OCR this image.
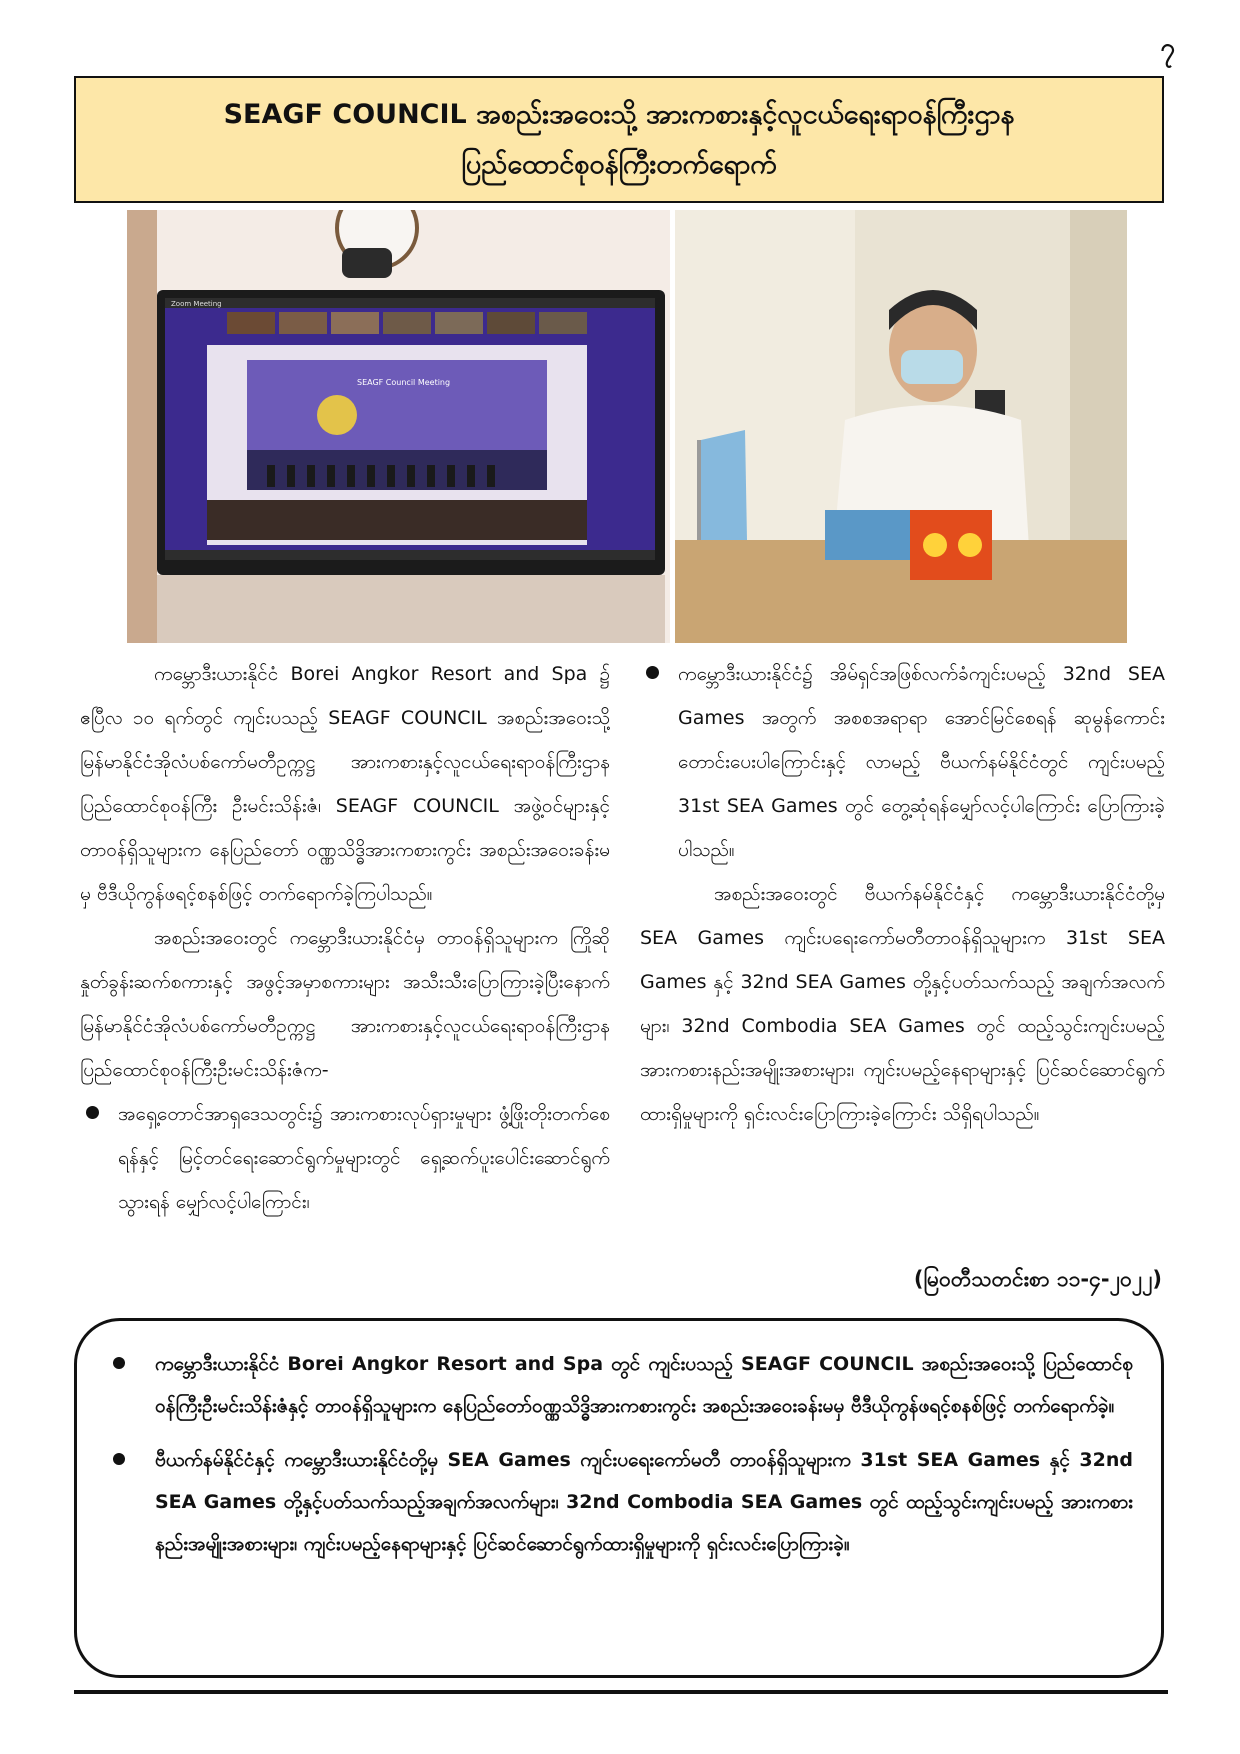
၇
SEAGF COUNCIL အစည်းအဝေးသို့ အားကစားနှင့်လူငယ်ရေးရာဝန်ကြီးဌာန
ပြည်ထောင်စုဝန်ကြီးတက်ရောက်
Zoom Meeting
SEAGF Council Meeting

ကမ္ဘောဒီးယားနိုင်ငံ Borei Angkor Resort and Spa ၌ ဧပြီလ ၁၀ ရက်တွင် ကျင်းပသည့် SEAGF COUNCIL အစည်းအဝေးသို့ မြန်မာနိုင်ငံအိုလံပစ်ကော်မတီဥက္ကဋ္ဌ အားကစားနှင့်လူငယ်ရေးရာဝန်ကြီးဌာန ပြည်ထောင်စုဝန်ကြီး ဦးမင်းသိန်းဇံ၊ SEAGF COUNCIL အဖွဲ့ဝင်များနှင့် တာဝန်ရှိသူများက နေပြည်တော် ဝဏ္ဏသိဒ္ဓိအားကစားကွင်း အစည်းအဝေးခန်းမမှ ဗီဒီယိုကွန်ဖရင့်စနစ်ဖြင့် တက်ရောက်ခဲ့ကြပါသည်။

အစည်းအဝေးတွင် ကမ္ဘောဒီးယားနိုင်ငံမှ တာဝန်ရှိသူများက ကြိုဆိုနှုတ်ခွန်းဆက်စကားနှင့် အဖွင့်အမှာစကားများ အသီးသီးပြောကြားခဲ့ပြီးနောက် မြန်မာနိုင်ငံအိုလံပစ်ကော်မတီဥက္ကဋ္ဌ အားကစားနှင့်လူငယ်ရေးရာဝန်ကြီးဌာန ပြည်ထောင်စုဝန်ကြီးဦးမင်းသိန်းဇံက-

အရှေ့တောင်အာရှဒေသတွင်း၌ အားကစားလုပ်ရှားမှုများ ဖွံ့ဖြိုးတိုးတက်စေရန်နှင့် မြင့်တင်ရေးဆောင်ရွက်မှုများတွင် ရှေ့ဆက်ပူးပေါင်းဆောင်ရွက်သွားရန် မျှော်လင့်ပါကြောင်း၊

ကမ္ဘောဒီးယားနိုင်ငံ၌ အိမ်ရှင်အဖြစ်လက်ခံကျင်းပမည့် 32nd SEA Games အတွက် အစစအရာရာ အောင်မြင်စေရန် ဆုမွန်ကောင်းတောင်းပေးပါကြောင်းနှင့် လာမည့် ဗီယက်နမ်နိုင်ငံတွင် ကျင်းပမည့် 31st SEA Games တွင် တွေ့ဆုံရန်မျှော်လင့်ပါကြောင်း ပြောကြားခဲ့ပါသည်။

အစည်းအဝေးတွင် ဗီယက်နမ်နိုင်ငံနှင့် ကမ္ဘောဒီးယားနိုင်ငံတို့မှ SEA Games ကျင်းပရေးကော်မတီတာဝန်ရှိသူများက 31st SEA Games နှင့် 32nd SEA Games တို့နှင့်ပတ်သက်သည့် အချက်အလက်များ၊ 32nd Combodia SEA Games တွင် ထည့်သွင်းကျင်းပမည့် အားကစားနည်းအမျိုးအစားများ၊ ကျင်းပမည့်နေရာများနှင့် ပြင်ဆင်ဆောင်ရွက်ထားရှိမှုများကို ရှင်းလင်းပြောကြားခဲ့ကြောင်း သိရှိရပါသည်။

(မြဝတီသတင်းစာ ၁၁-၄-၂၀၂၂)
ကမ္ဘောဒီးယားနိုင်ငံ Borei Angkor Resort and Spa တွင် ကျင်းပသည့် SEAGF COUNCIL အစည်းအဝေးသို့ ပြည်ထောင်စုဝန်ကြီးဦးမင်းသိန်းဇံနှင့် တာဝန်ရှိသူများက နေပြည်တော်ဝဏ္ဏသိဒ္ဓိအားကစားကွင်း အစည်းအဝေးခန်းမမှ ဗီဒီယိုကွန်ဖရင့်စနစ်ဖြင့် တက်ရောက်ခဲ့။
ဗီယက်နမ်နိုင်ငံနှင့် ကမ္ဘောဒီးယားနိုင်ငံတို့မှ SEA Games ကျင်းပရေးကော်မတီ တာဝန်ရှိသူများက 31st SEA Games နှင့် 32nd SEA Games တို့နှင့်ပတ်သက်သည့်အချက်အလက်များ၊ 32nd Combodia SEA Games တွင် ထည့်သွင်းကျင်းပမည့် အားကစားနည်းအမျိုးအစားများ၊ ကျင်းပမည့်နေရာများနှင့် ပြင်ဆင်ဆောင်ရွက်ထားရှိမှုများကို ရှင်းလင်းပြောကြားခဲ့။
